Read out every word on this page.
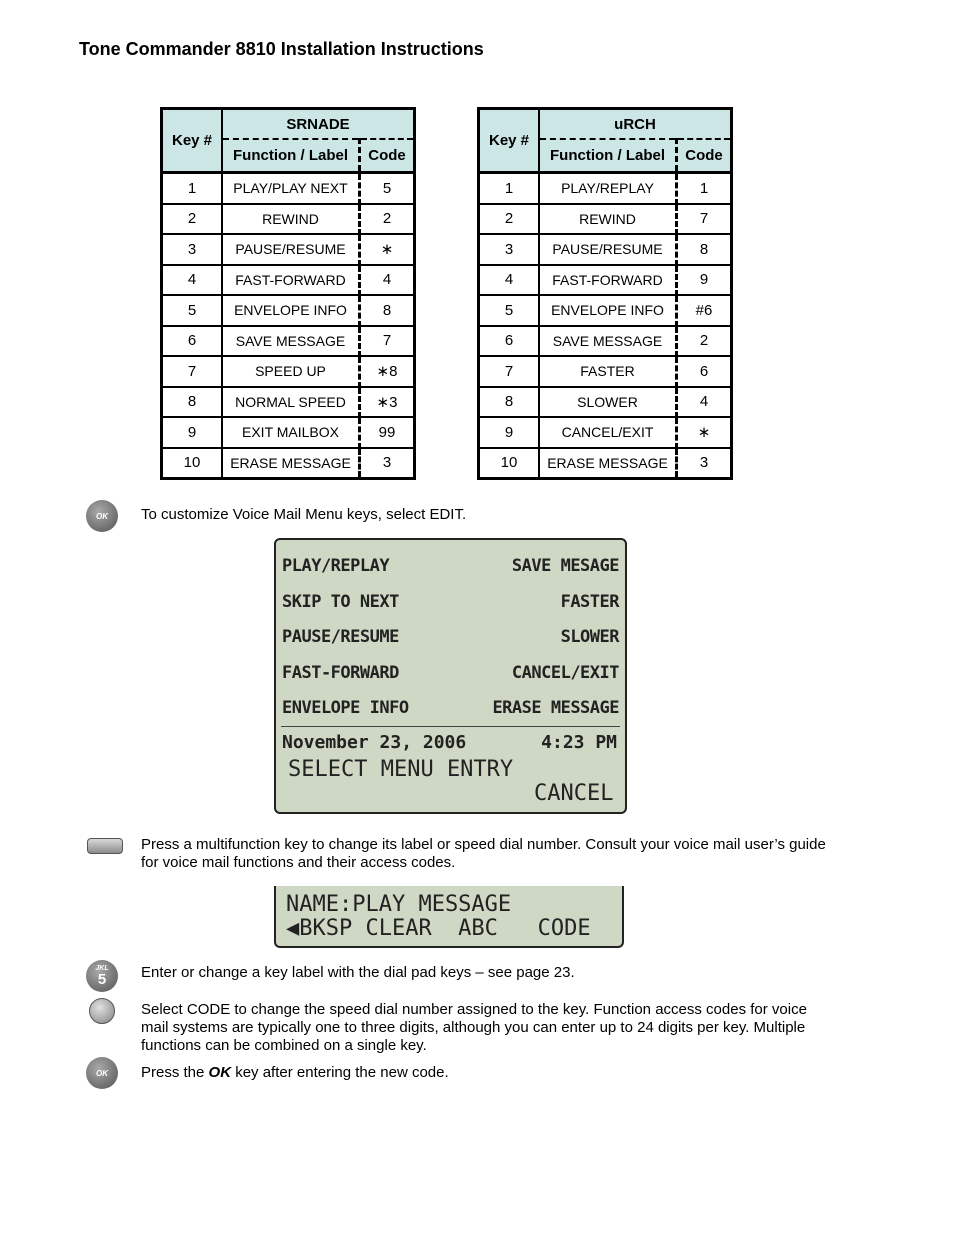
Tone Commander 8810 Installation Instructions
Key #	SRNADE	
	Function / Label	Code
1	PLAY/PLAY NEXT	5
2	REWIND	2
3	PAUSE/RESUME	∗
4	FAST-FORWARD	4
5	ENVELOPE INFO	8
6	SAVE MESSAGE	7
7	SPEED UP	∗8
8	NORMAL SPEED	∗3
9	EXIT MAILBOX	99
10	ERASE MESSAGE	3
Key #	uRCH	
	Function / Label	Code
1	PLAY/REPLAY	1
2	REWIND	7
3	PAUSE/RESUME	8
4	FAST-FORWARD	9
5	ENVELOPE INFO	#6
6	SAVE MESSAGE	2
7	FASTER	6
8	SLOWER	4
9	CANCEL/EXIT	∗
10	ERASE MESSAGE	3
OK To customize Voice Mail Menu keys, select EDIT.
PLAY/REPLAY	SAVE MESAGE
SKIP TO NEXT	FASTER
PAUSE/RESUME	SLOWER
FAST-FORWARD	CANCEL/EXIT
ENVELOPE INFO	ERASE MESSAGE
November 23, 2006	4:23 PM
SELECT MENU ENTRY
CANCEL
Press a multifunction key to change its label or speed dial number. Consult your voice mail user’s guide for voice mail functions and their access codes.
NAME:PLAY MESSAGE
◀BKSP CLEAR  ABC   CODE
JKL
5	Enter or change a key label with the dial pad keys – see page 23.
Select CODE to change the speed dial number assigned to the key. Function access codes for voice mail systems are typically one to three digits, although you can enter up to 24 digits per key. Multiple functions can be combined on a single key.
OK Press the OK key after entering the new code.
